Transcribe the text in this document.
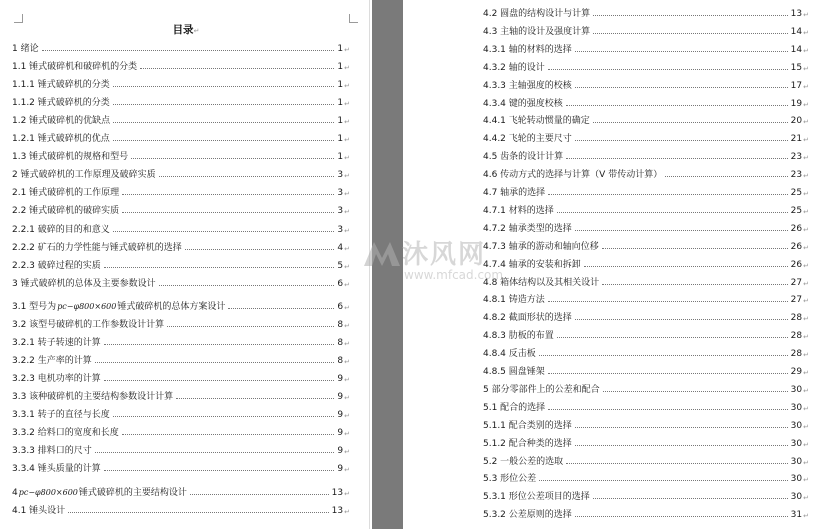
目录↵
1 绪论	1 ↵
1.1 锤式破碎机和破碎机的分类	1 ↵
1.1.1 锤式破碎机的分类	1 ↵
1.1.2 锤式破碎机的分类	1 ↵
1.2 锤式破碎机的优缺点	1 ↵
1.2.1 锤式破碎机的优点	1 ↵
1.3 锤式破碎机的规格和型号	1 ↵
2 锤式破碎机的工作原理及破碎实质	3 ↵
2.1 锤式破碎机的工作原理	3 ↵
2.2 锤式破碎机的破碎实质	3 ↵
2.2.1 破碎的目的和意义	3 ↵
2.2.2 矿石的力学性能与锤式破碎机的选择	4 ↵
2.2.3 破碎过程的实质	5 ↵
3 锤式破碎机的总体及主要参数设计	6 ↵
3.1 型号为pc−φ800×600锤式破碎机的总体方案设计	6 ↵
3.2 该型号破碎机的工作参数设计计算	8 ↵
3.2.1 转子转速的计算	8 ↵
3.2.2 生产率的计算	8 ↵
3.2.3 电机功率的计算	9 ↵
3.3 该种破碎机的主要结构参数设计计算	9 ↵
3.3.1 转子的直径与长度	9 ↵
3.3.2 给料口的宽度和长度	9 ↵
3.3.3 排料口的尺寸	9 ↵
3.3.4 锤头质量的计算	9 ↵
4pc−φ800×600锤式破碎机的主要结构设计	13 ↵
4.1 锤头设计	13 ↵
4.2 圆盘的结构设计与计算	13 ↵
4.3 主轴的设计及强度计算	14 ↵
4.3.1 轴的材料的选择	14 ↵
4.3.2 轴的设计	15 ↵
4.3.3 主轴强度的校核	17 ↵
4.3.4 键的强度校核	19 ↵
4.4.1 飞轮转动惯量的确定	20 ↵
4.4.2 飞轮的主要尺寸	21 ↵
4.5 齿条的设计计算	23 ↵
4.6 传动方式的选择与计算（V 带传动计算）	23 ↵
4.7 轴承的选择	25 ↵
4.7.1 材料的选择	25 ↵
4.7.2 轴承类型的选择	26 ↵
4.7.3 轴承的游动和轴向位移	26 ↵
4.7.4 轴承的安装和拆卸	26 ↵
4.8 箱体结构以及其相关设计	27 ↵
4.8.1 铸造方法	27 ↵
4.8.2 截面形状的选择	28 ↵
4.8.3 肋板的布置	28 ↵
4.8.4 反击板	28 ↵
4.8.5 圆盘锤架	29 ↵
5 部分零部件上的公差和配合	30 ↵
5.1 配合的选择	30 ↵
5.1.1 配合类别的选择	30 ↵
5.1.2 配合种类的选择	30 ↵
5.2 一般公差的选取	30 ↵
5.3 形位公差	30 ↵
5.3.1 形位公差项目的选择	30 ↵
5.3.2 公差原则的选择	31 ↵
沐风网
www.mfcad.com
